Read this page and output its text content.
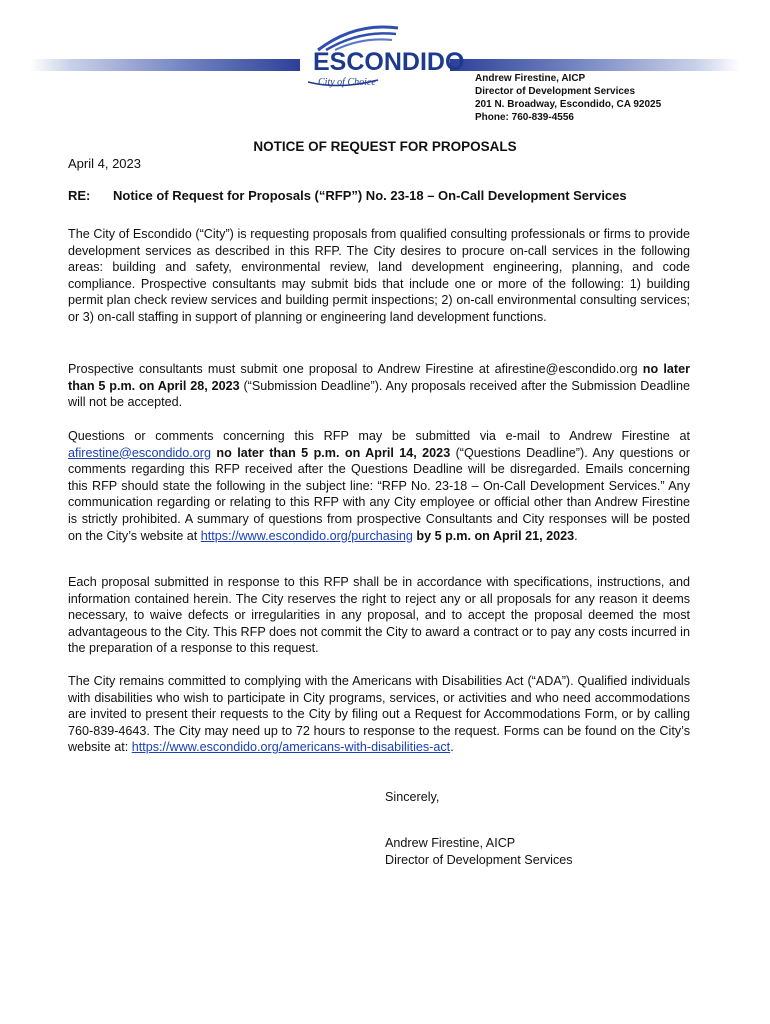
ESCONDIDO
City of Choice	Andrew Firestine, AICP
Director of Development Services
201 N. Broadway, Escondido, CA 92025
Phone: 760-839-4556
NOTICE OF REQUEST FOR PROPOSALS
April 4, 2023
RE: Notice of Request for Proposals (“RFP”) No. 23-18 – On-Call Development Services

The City of Escondido (“City”) is requesting proposals from qualified consulting professionals or firms to provide development services as described in this RFP. The City desires to procure on-call services in the following areas: building and safety, environmental review, land development engineering, planning, and code compliance. Prospective consultants may submit bids that include one or more of the following: 1) building permit plan check review services and building permit inspections; 2) on-call environmental consulting services; or 3) on-call staffing in support of planning or engineering land development functions.

Prospective consultants must submit one proposal to Andrew Firestine at afirestine@escondido.org no later than 5 p.m. on April 28, 2023 (“Submission Deadline”). Any proposals received after the Submission Deadline will not be accepted.

Questions or comments concerning this RFP may be submitted via e-mail to Andrew Firestine at afirestine@escondido.org no later than 5 p.m. on April 14, 2023 (“Questions Deadline”). Any questions or comments regarding this RFP received after the Questions Deadline will be disregarded. Emails concerning this RFP should state the following in the subject line: “RFP No. 23-18 – On-Call Development Services.” Any communication regarding or relating to this RFP with any City employee or official other than Andrew Firestine is strictly prohibited. A summary of questions from prospective Consultants and City responses will be posted on the City’s website at https://www.escondido.org/purchasing by 5 p.m. on April 21, 2023.

Each proposal submitted in response to this RFP shall be in accordance with specifications, instructions, and information contained herein. The City reserves the right to reject any or all proposals for any reason it deems necessary, to waive defects or irregularities in any proposal, and to accept the proposal deemed the most advantageous to the City. This RFP does not commit the City to award a contract or to pay any costs incurred in the preparation of a response to this request.

The City remains committed to complying with the Americans with Disabilities Act (“ADA”). Qualified individuals with disabilities who wish to participate in City programs, services, or activities and who need accommodations are invited to present their requests to the City by filing out a Request for Accommodations Form, or by calling 760-839-4643. The City may need up to 72 hours to response to the request. Forms can be found on the City’s website at: https://www.escondido.org/americans-with-disabilities-act.

Sincerely,
Andrew Firestine, AICP
Director of Development Services
